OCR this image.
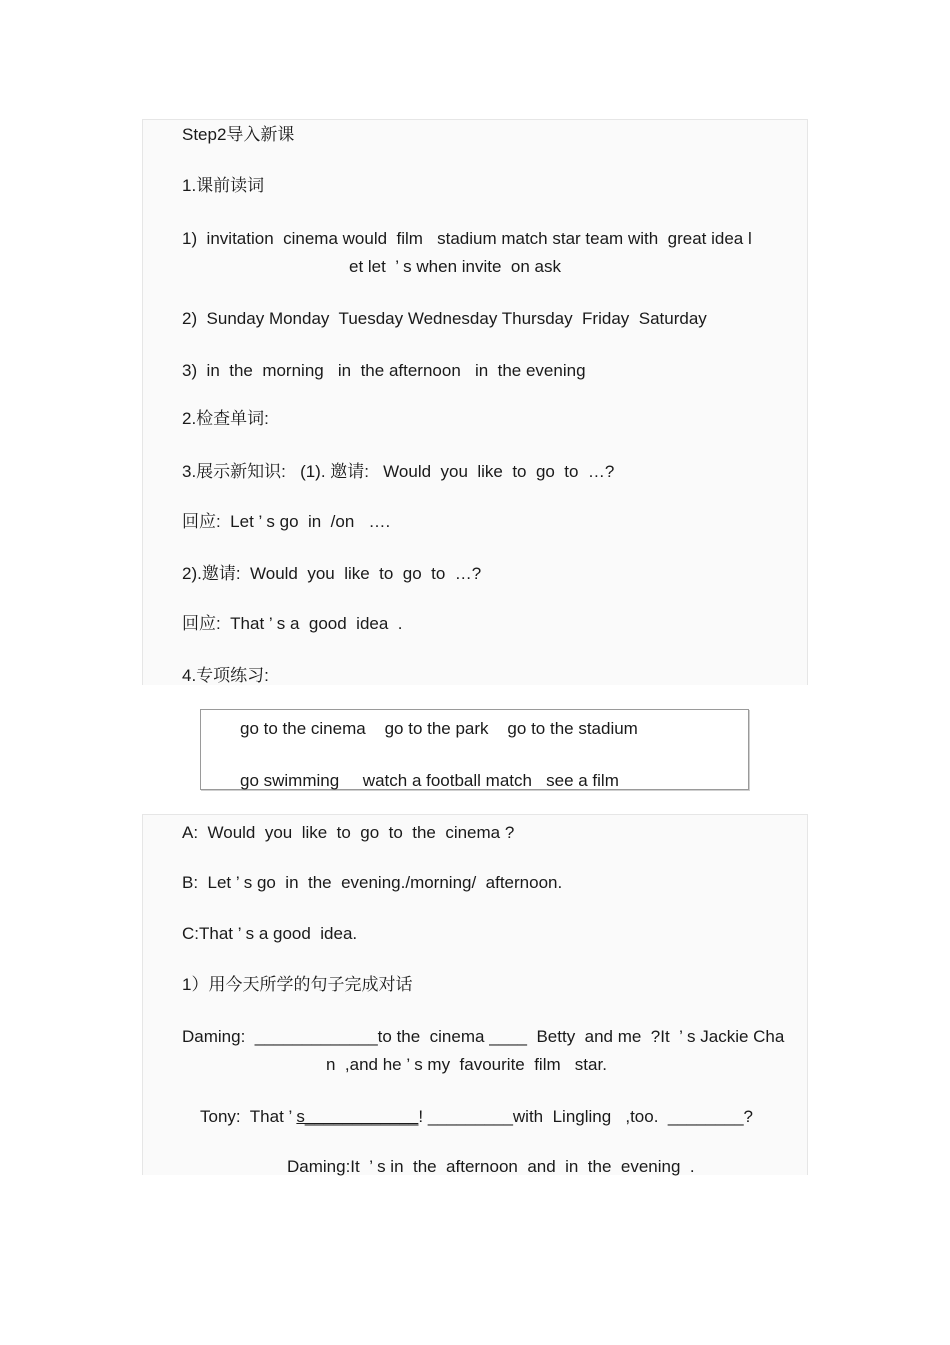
Step2导入新课
1.课前读词
1)  invitation  cinema would  film   stadium match star team with  great idea l
et let  ’ s when invite  on ask
2)  Sunday Monday  Tuesday Wednesday Thursday  Friday  Saturday
3)  in  the  morning   in  the afternoon   in  the evening
2.检查单词:
3.展示新知识:   (1). 邀请:   Would  you  like  to  go  to  …?
回应:  Let ’ s go  in  /on   ….
2).邀请:  Would  you  like  to  go  to  …?
回应:  That ’ s a  good  idea  .
4.专项练习:
go to the cinema    go to the park    go to the stadium
go swimming     watch a football match   see a film
A:  Would  you  like  to  go  to  the  cinema ?
B:  Let ’ s go  in  the  evening./morning/  afternoon.
C:That ’ s a good  idea.
1）用今天所学的句子完成对话
Daming:  _____________to the  cinema ____  Betty  and me  ?It  ’ s Jackie Cha
n  ,and he ’ s my  favourite  film   star.
Tony:  That ’ s____________! _________with  Lingling   ,too.  ________?
Daming:It  ’ s in  the  afternoon  and  in  the  evening  .
